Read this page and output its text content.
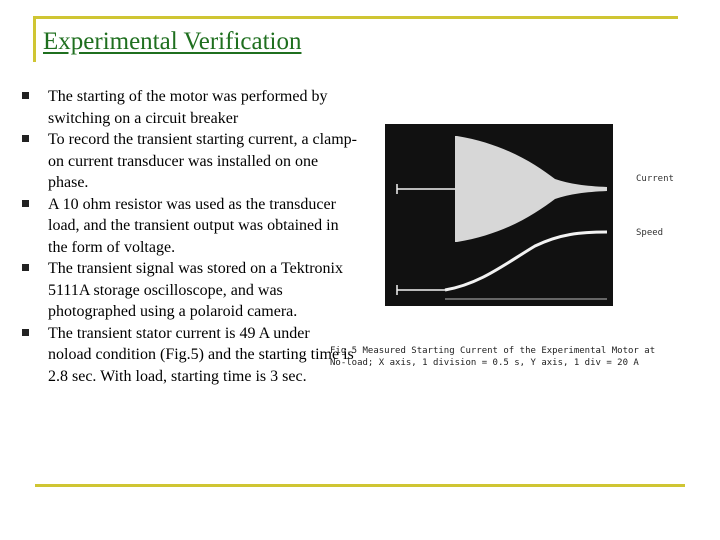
Experimental Verification
The starting of the motor was performed by switching on a circuit breaker
To record the transient starting current, a clamp-on current transducer was installed on one phase.
A 10 ohm resistor was used as the transducer load, and the transient output was obtained in the form of voltage.
The transient signal was stored on a Tektronix 5111A storage oscilloscope, and was photographed using a polaroid camera.
The transient stator current is 49 A under noload condition (Fig.5) and the starting time is 2.8 sec. With load, starting time is 3 sec.
Current
Speed
Fig.5 Measured Starting Current of the Experimental Motor at
No-load; X axis, 1 division = 0.5 s, Y axis, 1 div = 20 A
